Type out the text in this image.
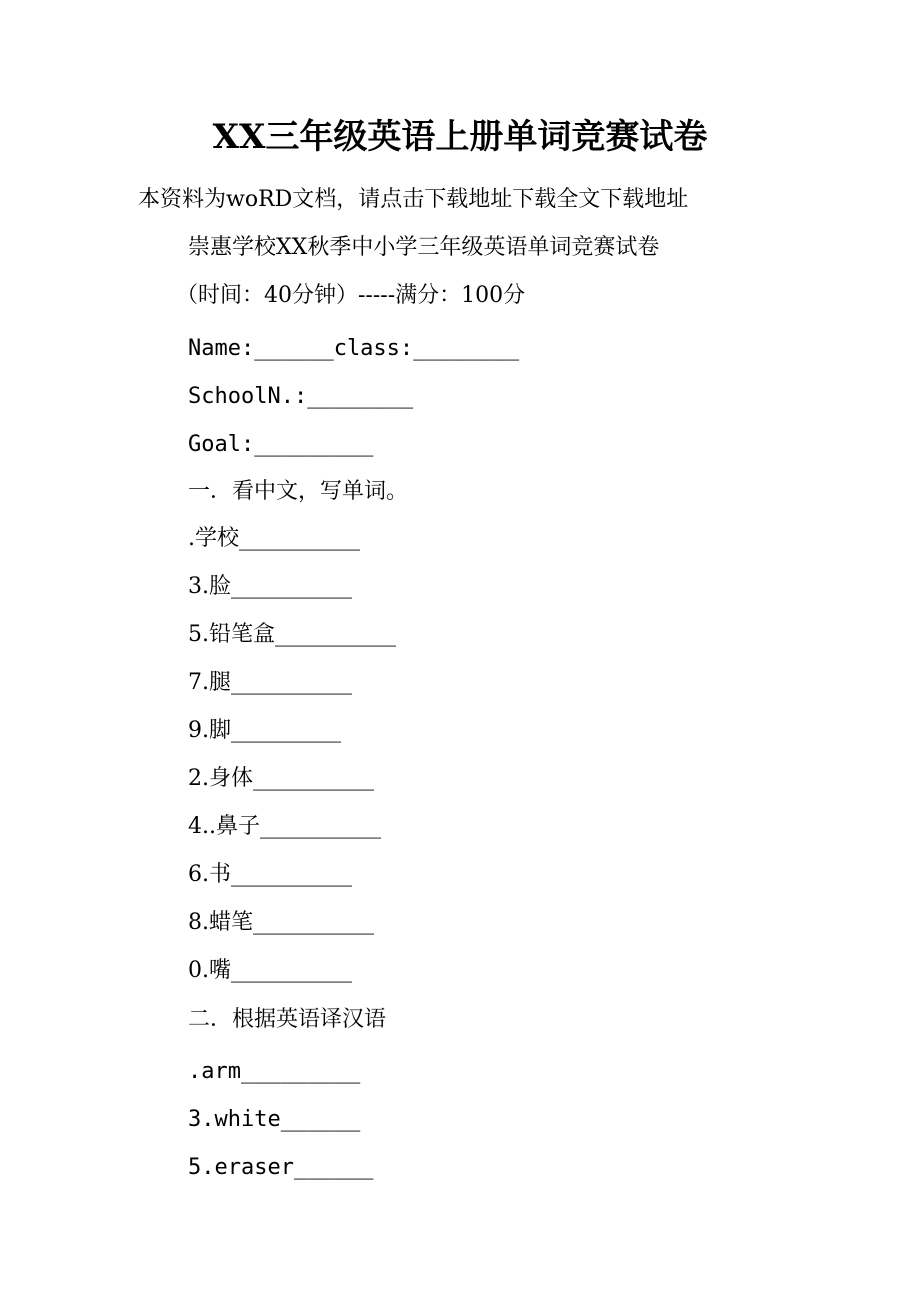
XX三年级英语上册单词竞赛试卷
本资料为woRD文档，请点击下载地址下载全文下载地址
崇惠学校XX秋季中小学三年级英语单词竞赛试卷
（时间：40分钟）-----满分：100分
Name:______class:________
SchoolN.:________
Goal:_________
一．看中文，写单词。
.学校___________
3.脸___________
5.铅笔盒___________
7.腿___________
9.脚__________
2.身体___________
4..鼻子___________
6.书___________
8.蜡笔___________
0.嘴___________
二．根据英语译汉语
.arm_________
3.white______
5.eraser______
